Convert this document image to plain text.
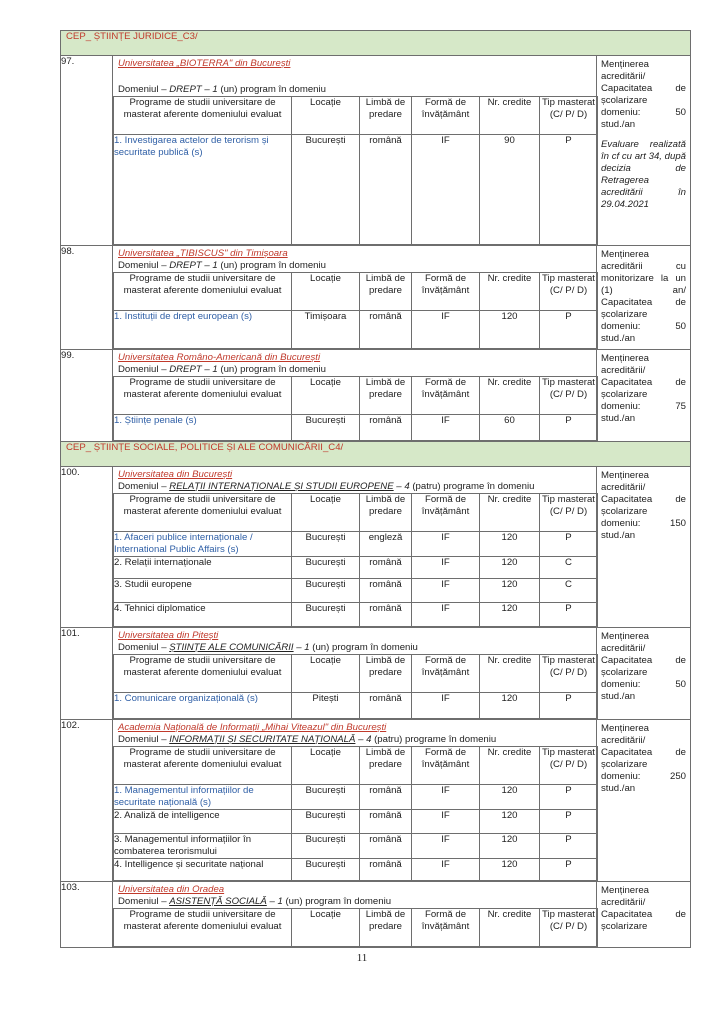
CEP_ ȘTIINȚE JURIDICE_C3/

97.	Universitatea „BIOTERRA" din București
Domeniul – DREPT – 1 (un) program în domeniu
Programe de studii universitare de masterat aferente domeniului evaluat	Locație	Limbă de predare	Formă de învățământ	Nr. credite	Tip masterat (C/ P/ D)
1. Investigarea actelor de terorism și securitate publică (s)	București	română	IF	90	P

Menținerea
acreditării/
Capacitatea de
școlarizare
domeniu: 50
stud./an
Evaluare realizată
în cf cu art 34, după
decizia de
Retragerea
acreditării în
29.04.2021

98.	Universitatea „TIBISCUS" din Timișoara
Domeniul – DREPT – 1 (un) program în domeniu
Programe de studii universitare de masterat aferente domeniului evaluat	Locație	Limbă de predare	Formă de învățământ	Nr. credite	Tip masterat (C/ P/ D)
1. Instituții de drept european (s)	Timișoara	română	IF	120	P

Menținerea
acreditării cu
monitorizare la un
(1) an/
Capacitatea de
școlarizare
domeniu: 50
stud./an

99.	Universitatea Româno-Americană din București
Domeniul – DREPT – 1 (un) program în domeniu
Programe de studii universitare de masterat aferente domeniului evaluat	Locație	Limbă de predare	Formă de învățământ	Nr. credite	Tip masterat (C/ P/ D)
1. Științe penale (s)	București	română	IF	60	P

Menținerea
acreditării/
Capacitatea de
școlarizare
domeniu: 75
stud./an

CEP_ ȘTIINȚE SOCIALE, POLITICE ȘI ALE COMUNICĂRII_C4/

100.	Universitatea din București
Domeniul – RELAȚII INTERNAȚIONALE ȘI STUDII EUROPENE – 4 (patru) programe în domeniu
Programe de studii universitare de masterat aferente domeniului evaluat	Locație	Limbă de predare	Formă de învățământ	Nr. credite	Tip masterat (C/ P/ D)
1. Afaceri publice internaționale / International Public Affairs (s)	București	engleză	IF	120	P
2. Relații internaționale	București	română	IF	120	C
3. Studii europene	București	română	IF	120	C
4. Tehnici diplomatice	București	română	IF	120	P

Menținerea
acreditării/
Capacitatea de
școlarizare
domeniu: 150
stud./an

101.	Universitatea din Pitești
Domeniul – ȘTIINȚE ALE COMUNICĂRII – 1 (un) program în domeniu
Programe de studii universitare de masterat aferente domeniului evaluat	Locație	Limbă de predare	Formă de învățământ	Nr. credite	Tip masterat (C/ P/ D)
1. Comunicare organizațională (s)	Pitești	română	IF	120	P

Menținerea
acreditării/
Capacitatea de
școlarizare
domeniu: 50
stud./an

102.	Academia Națională de Informații „Mihai Viteazul" din București
Domeniul – INFORMAȚII ȘI SECURITATE NAȚIONALĂ – 4 (patru) programe în domeniu
Programe de studii universitare de masterat aferente domeniului evaluat	Locație	Limbă de predare	Formă de învățământ	Nr. credite	Tip masterat (C/ P/ D)
1. Managementul informațiilor de securitate națională (s)	București	română	IF	120	P
2. Analiză de intelligence	București	română	IF	120	P
3. Managementul informațiilor în combaterea terorismului	București	română	IF	120	P
4. Intelligence și securitate național	București	română	IF	120	P

Menținerea
acreditării/
Capacitatea de
școlarizare
domeniu: 250
stud./an

103.	Universitatea din Oradea
Domeniul – ASISTENȚĂ SOCIALĂ – 1 (un) program în domeniu
Programe de studii universitare de masterat aferente domeniului evaluat	Locație	Limbă de predare	Formă de învățământ	Nr. credite	Tip masterat (C/ P/ D)

Menținerea
acreditării/
Capacitatea de
școlarizare
11
